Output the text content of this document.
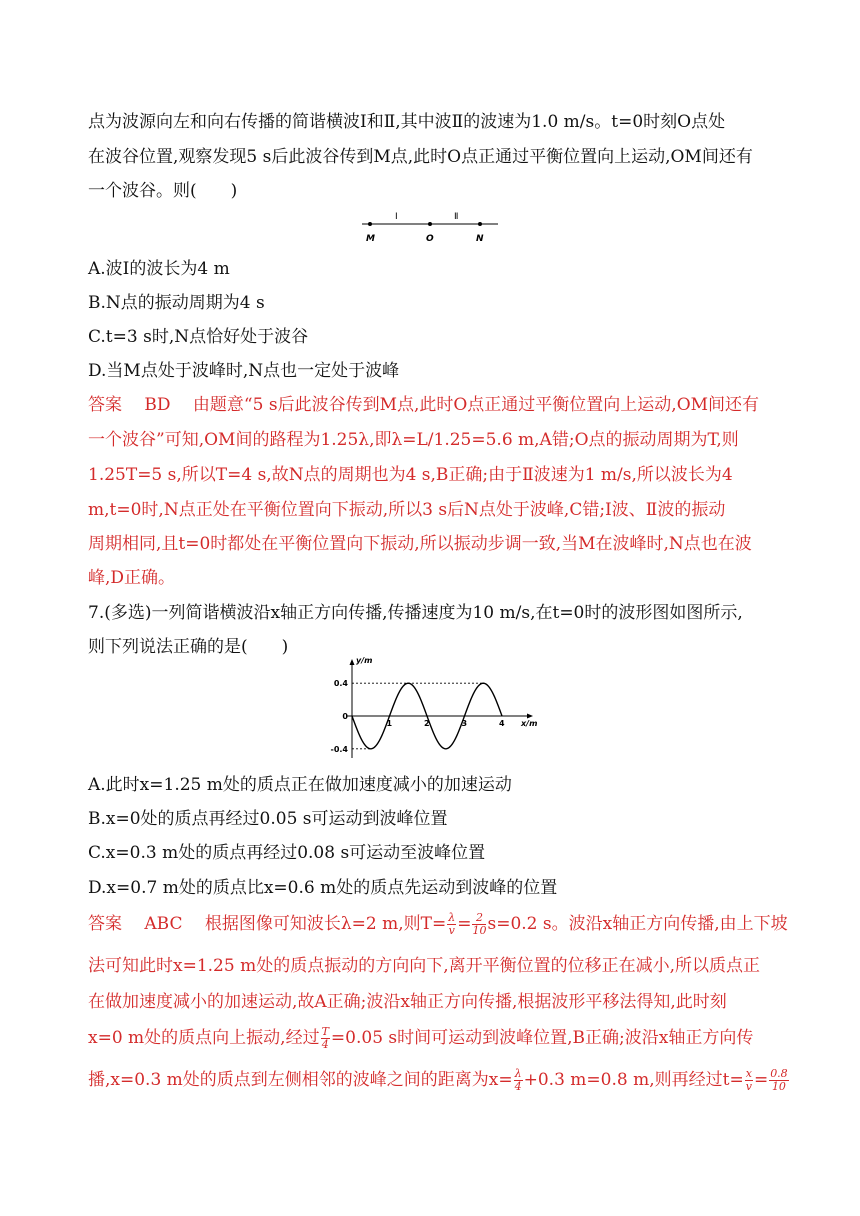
点为波源向左和向右传播的简谐横波Ⅰ和Ⅱ,其中波Ⅱ的波速为1.0 m/s。t=0时刻O点处
在波谷位置,观察发现5 s后此波谷传到M点,此时O点正通过平衡位置向上运动,OM间还有
一个波谷。则(　　)
M	O	N
Ⅰ	Ⅱ
A.波Ⅰ的波长为4 m
B.N点的振动周期为4 s
C.t=3 s时,N点恰好处于波谷
D.当M点处于波峰时,N点也一定处于波峰
答案　 BD　 由题意“5 s后此波谷传到M点,此时O点正通过平衡位置向上运动,OM间还有
一个波谷”可知,OM间的路程为1.25λ,即λ=L/1.25=5.6 m,A错;O点的振动周期为T,则
1.25T=5 s,所以T=4 s,故N点的周期也为4 s,B正确;由于Ⅱ波速为1 m/s,所以波长为4
m,t=0时,N点正处在平衡位置向下振动,所以3 s后N点处于波峰,C错;Ⅰ波、Ⅱ波的振动
周期相同,且t=0时都处在平衡位置向下振动,所以振动步调一致,当M在波峰时,N点也在波
峰,D正确。
7.(多选)一列简谐横波沿x轴正方向传播,传播速度为10 m/s,在t=0时的波形图如图所示,
则下列说法正确的是(　　)
y/m
x/m
1	2	3	4
0.4
0
-0.4
A.此时x=1.25 m处的质点正在做加速度减小的加速运动
B.x=0处的质点再经过0.05 s可运动到波峰位置
C.x=0.3 m处的质点再经过0.08 s可运动至波峰位置
D.x=0.7 m处的质点比x=0.6 m处的质点先运动到波峰的位置
答案　 ABC　 根据图像可知波长λ=2 m,则$T= \frac{\lambda}{v} = \frac{2}{10} s=0.2$ s。波沿x轴正方向传播,由上下坡
法可知此时x=1.25 m处的质点振动的方向向下,离开平衡位置的位移正在减小,所以质点正
在做加速度减小的加速运动,故A正确;波沿x轴正方向传播,根据波形平移法得知,此时刻
x=0 m处的质点向上振动,经过 $\frac{T}{4} =0.05$ s时间可运动到波峰位置,B正确;波沿x轴正方向传
播,x=0.3 m处的质点到左侧相邻的波峰之间的距离为$x= \frac{\lambda}{4} +0.3$ m=0.8 m,则再经过$t= \frac{x}{v} = \frac{0.8}{10}$
